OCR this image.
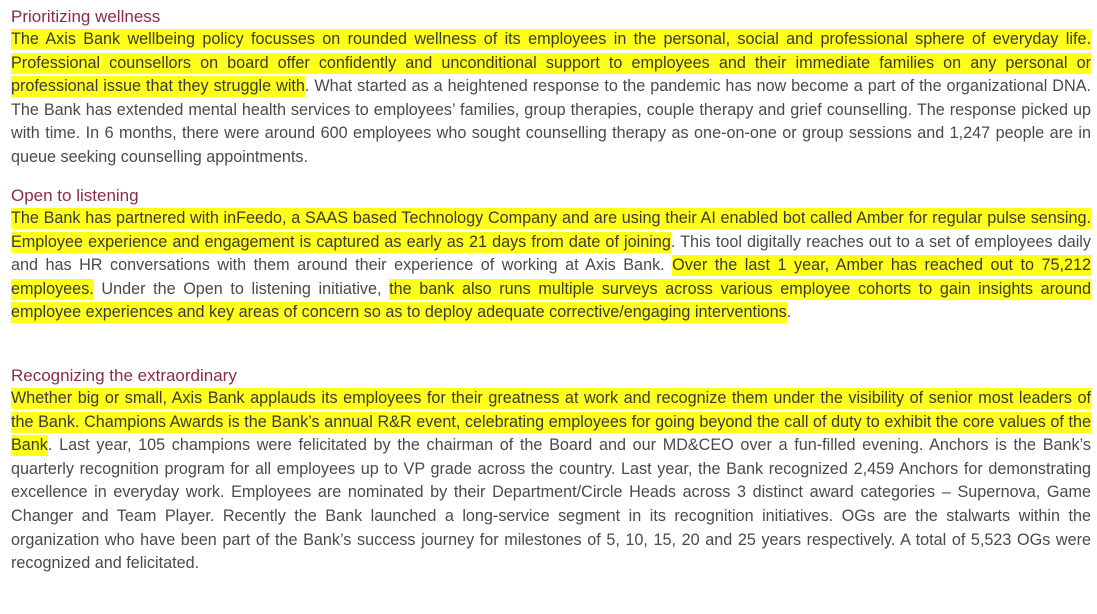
Prioritizing wellness

The Axis Bank wellbeing policy focusses on rounded wellness of its employees in the personal, social and professional sphere of everyday life. Professional counsellors on board offer confidently and unconditional support to employees and their immediate families on any personal or professional issue that they struggle with. What started as a heightened response to the pandemic has now become a part of the organizational DNA. The Bank has extended mental health services to employees’ families, group therapies, couple therapy and grief counselling. The response picked up with time. In 6 months, there were around 600 employees who sought counselling therapy as one-on-one or group sessions and 1,247 people are in queue seeking counselling appointments.

Open to listening

The Bank has partnered with inFeedo, a SAAS based Technology Company and are using their AI enabled bot called Amber for regular pulse sensing. Employee experience and engagement is captured as early as 21 days from date of joining. This tool digitally reaches out to a set of employees daily and has HR conversations with them around their experience of working at Axis Bank. Over the last 1 year, Amber has reached out to 75,212 employees. Under the Open to listening initiative, the bank also runs multiple surveys across various employee cohorts to gain insights around employee experiences and key areas of concern so as to deploy adequate corrective/engaging interventions.

Recognizing the extraordinary

Whether big or small, Axis Bank applauds its employees for their greatness at work and recognize them under the visibility of senior most leaders of the Bank. Champions Awards is the Bank’s annual R&R event, celebrating employees for going beyond the call of duty to exhibit the core values of the Bank. Last year, 105 champions were felicitated by the chairman of the Board and our MD&CEO over a fun-filled evening. Anchors is the Bank’s quarterly recognition program for all employees up to VP grade across the country. Last year, the Bank recognized 2,459 Anchors for demonstrating excellence in everyday work. Employees are nominated by their Department/Circle Heads across 3 distinct award categories – Supernova, Game Changer and Team Player. Recently the Bank launched a long-service segment in its recognition initiatives. OGs are the stalwarts within the organization who have been part of the Bank’s success journey for milestones of 5, 10, 15, 20 and 25 years respectively. A total of 5,523 OGs were recognized and felicitated.
